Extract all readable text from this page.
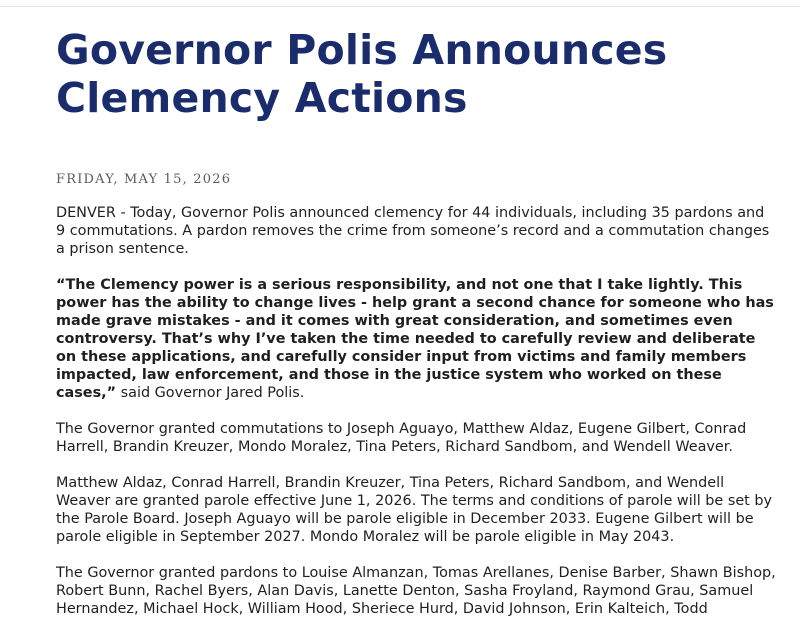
Governor Polis Announces
Clemency Actions

FRIDAY, MAY 15, 2026

DENVER - Today, Governor Polis announced clemency for 44 individuals, including 35 pardons and 9 commutations. A pardon removes the crime from someone’s record and a commutation changes a prison sentence.

“The Clemency power is a serious responsibility, and not one that I take lightly. This power has the ability to change lives - help grant a second chance for someone who has made grave mistakes - and it comes with great consideration, and sometimes even controversy. That’s why I’ve taken the time needed to carefully review and deliberate on these applications, and carefully consider input from victims and family members impacted, law enforcement, and those in the justice system who worked on these cases,” said Governor Jared Polis.

The Governor granted commutations to Joseph Aguayo, Matthew Aldaz, Eugene Gilbert, Conrad Harrell, Brandin Kreuzer, Mondo Moralez, Tina Peters, Richard Sandbom, and Wendell Weaver.

Matthew Aldaz, Conrad Harrell, Brandin Kreuzer, Tina Peters, Richard Sandbom, and Wendell Weaver are granted parole effective June 1, 2026. The terms and conditions of parole will be set by the Parole Board. Joseph Aguayo will be parole eligible in December 2033. Eugene Gilbert will be parole eligible in September 2027. Mondo Moralez will be parole eligible in May 2043.

The Governor granted pardons to Louise Almanzan, Tomas Arellanes, Denise Barber, Shawn Bishop, Robert Bunn, Rachel Byers, Alan Davis, Lanette Denton, Sasha Froyland, Raymond Grau, Samuel Hernandez, Michael Hock, William Hood, Sheriece Hurd, David Johnson, Erin Kalteich, Todd
